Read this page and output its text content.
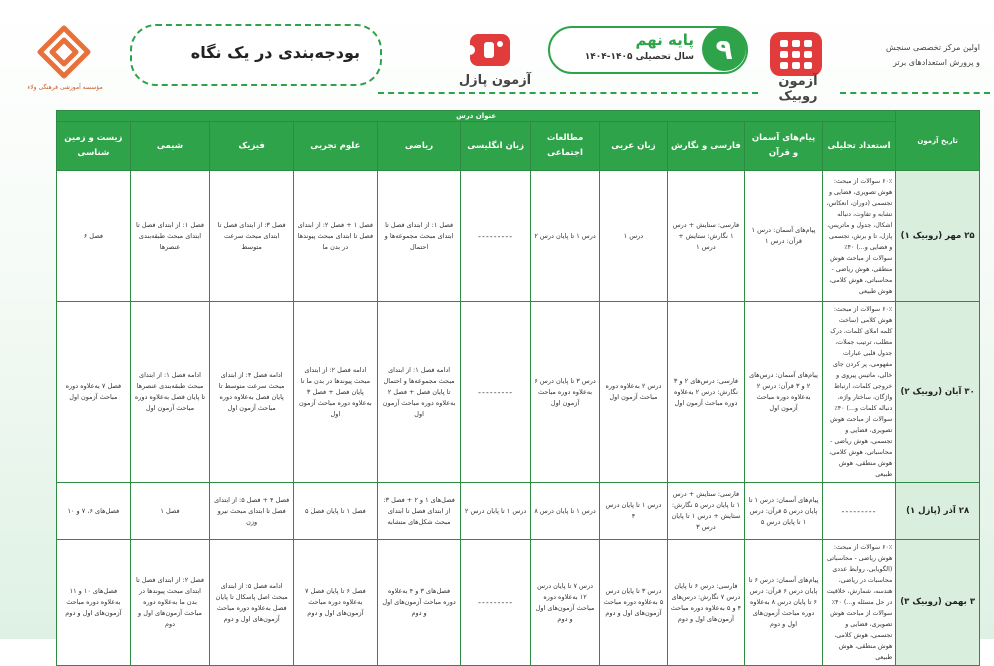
اولین مرکز تخصصی سنجش
و پرورش استعدادهای برتر
آزمون روبیک
۹
پایه نهم
سال تحصیلی ۱۴۰۵-۱۴۰۴
آزمون پازل
بودجه‌بندی در یک نگاه
مؤسسه آموزشی فرهنگی ولاء
تاریخ آزمون	عنوان درس										
	استعداد تحلیلی	پیام‌های آسمان و قرآن	فارسی و نگارش	زبان عربی	مطالعات اجتماعی	زبان انگلیسی	ریاضی	علوم تجربی	فیزیک	شیمی	زیست و زمین شناسی
۲۵ مهر (روبیک ۱)	۶۰٪ سوالات از مبحث: هوش تصویری، فضایی و تجسمی (دوران، انعکاس، تشابه و تفاوت، دنباله اشکال، جدول و ماتریس، پازل، تا و برش، تجسمی و فضایی و...) ۴۰٪ سوالات از مباحث هوش منطقی، هوش ریاضی - محاسباتی، هوش کلامی، هوش طبیعی	پیام‌های آسمان: درس ۱ قرآن: درس ۱	فارسی: ستایش + درس ۱ نگارش: ستایش + درس ۱	درس ۱	درس ۱ تا پایان درس ۲	---------	فصل ۱: از ابتدای فصل تا ابتدای مبحث مجموعه‌ها و احتمال	فصل ۱ + فصل ۲: از ابتدای فصل تا ابتدای مبحث پیوندها در بدن ما	فصل ۳: از ابتدای فصل تا ابتدای مبحث سرعت متوسط	فصل ۱: از ابتدای فصل تا ابتدای مبحث طبقه‌بندی عنصرها	فصل ۶
۳۰ آبان (روبیک ۲)	۶۰٪ سوالات از مبحث: هوش کلامی (ساخت کلمه املای کلمات، درک مطلب، ترتیب جملات، جدول قلبی عبارات مفهومی، پر کردن جای خالی، ماتیس پیروی و خروجی کلمات، ارتباط واژگان، ساختار واژه، دنباله کلمات و...) ۴۰٪ سوالات از مباحث هوش تصویری، فضایی و تجسمی، هوش ریاضی - محاسباتی، هوش کلامی، هوش منطقی، هوش طبیعی	پیام‌های آسمان: درس‌های ۲ و ۳ قرآن: درس ۲ به‌علاوه دوره مباحث آزمون اول	فارسی: درس‌های ۲ و ۳ نگارش: درس ۲ به‌علاوه دوره مباحث آزمون اول	درس ۲ به‌علاوه دوره مباحث آزمون اول	درس ۳ تا پایان درس ۶ به‌علاوه دوره مباحث آزمون اول	---------	ادامه فصل ۱: از ابتدای مبحث مجموعه‌ها و احتمال تا پایان فصل + فصل ۲ به‌علاوه دوره مباحث آزمون اول	ادامه فصل ۲: از ابتدای مبحث پیوندها در بدن ما تا پایان فصل + فصل ۳ به‌علاوه دوره مباحث آزمون اول	ادامه فصل ۴: از ابتدای مبحث سرعت متوسط تا پایان فصل به‌علاوه دوره مباحث آزمون اول	ادامه فصل ۱: از ابتدای مبحث طبقه‌بندی عنصرها تا پایان فصل به‌علاوه دوره مباحث آزمون اول	فصل ۷ به‌علاوه دوره مباحث آزمون اول
۲۸ آذر (پازل ۱)	---------	پیام‌های آسمان: درس ۱ تا پایان درس ۵ قرآن: درس ۱ تا پایان درس ۵	فارسی: ستایش + درس ۱ تا پایان درس ۵ نگارش: ستایش + درس ۱ تا پایان درس ۳	درس ۱ تا پایان درس ۴	درس ۱ تا پایان درس ۸	درس ۱ تا پایان درس ۲	فصل‌های ۱ و ۲ + فصل ۳: از ابتدای فصل تا ابتدای مبحث شکل‌های متشابه	فصل ۱ تا پایان فصل ۵	فصل ۴ + فصل ۵: از ابتدای فصل تا ابتدای مبحث نیرو وزن	فصل ۱	فصل‌های ۶، ۷ و ۱۰
۳ بهمن (روبیک ۳)	۶۰٪ سوالات از مبحث: هوش ریاضی - محاسباتی (الگویابی، روابط عددی محاسبات در ریاضی، هندسه، شمارش، خلاقیت در حل مسئله و...) ۴۰٪ سوالات از مباحث هوش تصویری، فضایی و تجسمی، هوش کلامی، هوش منطقی، هوش طبیعی	پیام‌های آسمان: درس ۶ تا پایان درس ۶ قرآن: درس ۶ تا پایان درس ۸ به‌علاوه دوره مباحث آزمون‌های اول و دوم	فارسی: درس ۶ تا پایان درس ۷ نگارش: درس‌های ۴ و ۵ به‌علاوه دوره مباحث آزمون‌های اول و دوم	درس ۳ تا پایان درس ۵ به‌علاوه دوره مباحث آزمون‌های اول و دوم	درس ۷ تا پایان درس ۱۲ به‌علاوه دوره مباحث آزمون‌های اول و دوم	---------	فصل‌های ۳ و ۴ به‌علاوه دوره مباحث آزمون‌های اول و دوم	فصل ۶ تا پایان فصل ۷ به‌علاوه دوره مباحث آزمون‌های اول و دوم	ادامه فصل ۵: از ابتدای مبحث اصل پاسکال تا پایان فصل به‌علاوه دوره مباحث آزمون‌های اول و دوم	فصل ۲: از ابتدای فصل تا ابتدای مبحث پیوندها در بدن ما به‌علاوه دوره مباحث آزمون‌های اول و دوم	فصل‌های ۱۰ و ۱۱ به‌علاوه دوره مباحث آزمون‌های اول و دوم
